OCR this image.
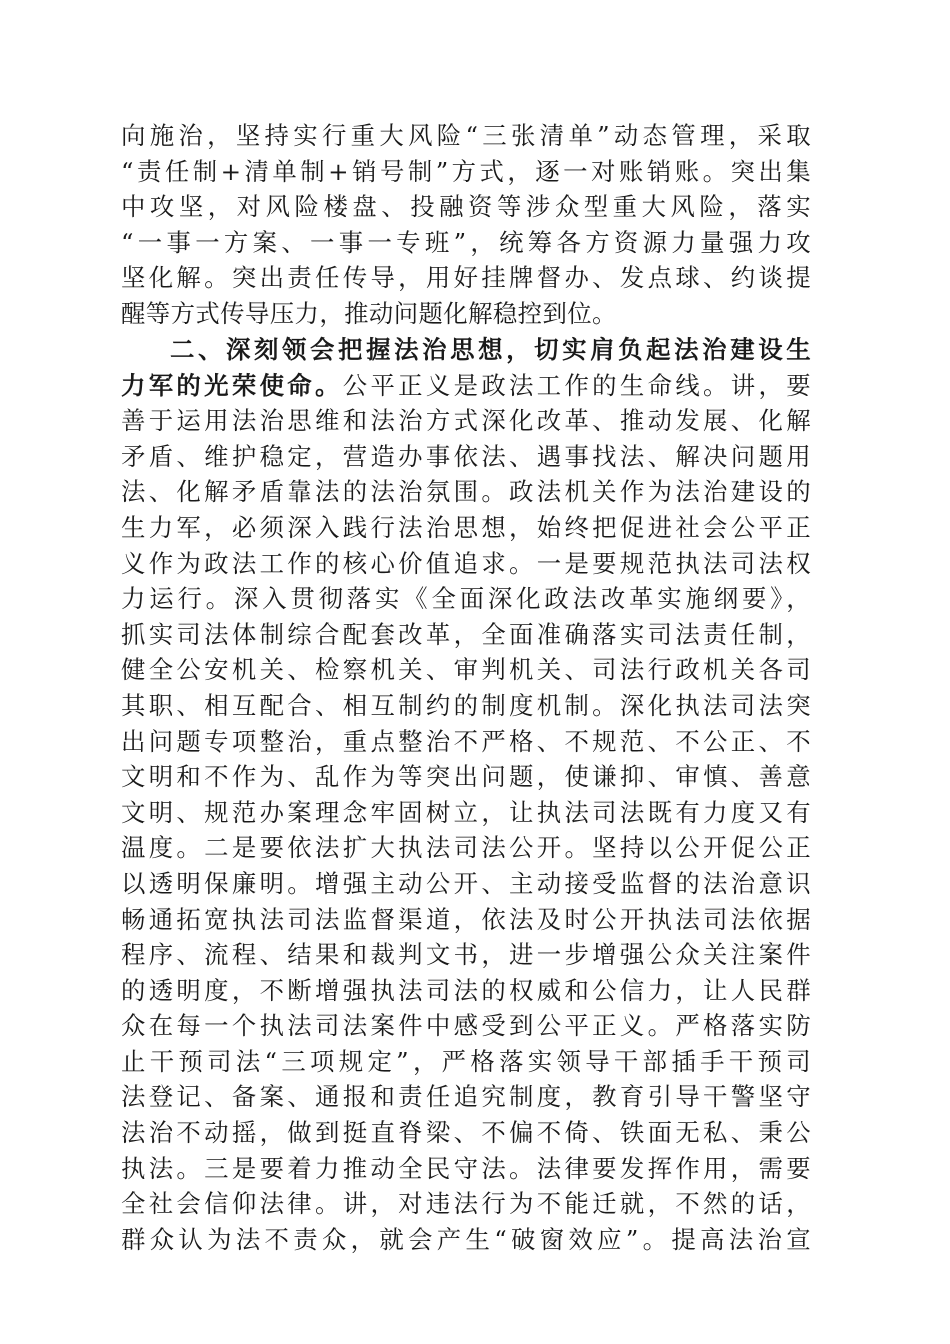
向施治，坚持实行重大风险“三张清单”动态管理，采取
“责任制+清单制+销号制”方式，逐一对账销账。突出集
中攻坚，对风险楼盘、投融资等涉众型重大风险，落实
“一事一方案、一事一专班”，统筹各方资源力量强力攻
坚化解。突出责任传导，用好挂牌督办、发点球、约谈提
醒等方式传导压力，推动问题化解稳控到位。
二、深刻领会把握法治思想，切实肩负起法治建设生
力军的光荣使命。公平正义是政法工作的生命线。讲，要
善于运用法治思维和法治方式深化改革、推动发展、化解
矛盾、维护稳定，营造办事依法、遇事找法、解决问题用
法、化解矛盾靠法的法治氛围。政法机关作为法治建设的
生力军，必须深入践行法治思想，始终把促进社会公平正
义作为政法工作的核心价值追求。一是要规范执法司法权
力运行。深入贯彻落实《全面深化政法改革实施纲要》，
抓实司法体制综合配套改革，全面准确落实司法责任制，
健全公安机关、检察机关、审判机关、司法行政机关各司
其职、相互配合、相互制约的制度机制。深化执法司法突
出问题专项整治，重点整治不严格、不规范、不公正、不
文明和不作为、乱作为等突出问题，使谦抑、审慎、善意
文明、规范办案理念牢固树立，让执法司法既有力度又有
温度。二是要依法扩大执法司法公开。坚持以公开促公正
以透明保廉明。增强主动公开、主动接受监督的法治意识
畅通拓宽执法司法监督渠道，依法及时公开执法司法依据
程序、流程、结果和裁判文书，进一步增强公众关注案件
的透明度，不断增强执法司法的权威和公信力，让人民群
众在每一个执法司法案件中感受到公平正义。严格落实防
止干预司法“三项规定”，严格落实领导干部插手干预司
法登记、备案、通报和责任追究制度，教育引导干警坚守
法治不动摇，做到挺直脊梁、不偏不倚、铁面无私、秉公
执法。三是要着力推动全民守法。法律要发挥作用，需要
全社会信仰法律。讲，对违法行为不能迁就，不然的话，
群众认为法不责众，就会产生“破窗效应”。提高法治宣
